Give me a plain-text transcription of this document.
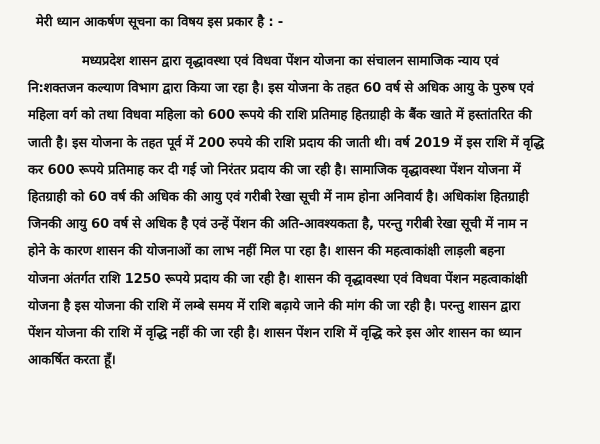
मेरी ध्यान आकर्षण सूचना का विषय इस प्रकार है : -
मध्यप्रदेश शासन द्वारा वृद्धावस्था एवं विधवा पेंशन योजना का संचालन सामाजिक न्याय एवं
नि:शक्तजन कल्याण विभाग द्वारा किया जा रहा है। इस योजना के तहत 60 वर्ष से अधिक आयु के पुरुष एवं
महिला वर्ग को तथा विधवा महिला को 600 रूपये की राशि प्रतिमाह हितग्राही के बैंक खाते में हस्तांतरित की
जाती है। इस योजना के तहत पूर्व में 200 रुपये की राशि प्रदाय की जाती थी। वर्ष 2019 में इस राशि में वृद्धि
कर 600 रूपये प्रतिमाह कर दी गई जो निरंतर प्रदाय की जा रही है। सामाजिक वृद्धावस्था पेंशन योजना में
हितग्राही को 60 वर्ष की अधिक की आयु एवं गरीबी रेखा सूची में नाम होना अनिवार्य है। अधिकांश हितग्राही
जिनकी आयु 60 वर्ष से अधिक है एवं उन्हें पेंशन की अति-आवश्यकता है, परन्तु गरीबी रेखा सूची में नाम न
होने के कारण शासन की योजनाओं का लाभ नहीं मिल पा रहा है। शासन की महत्वाकांक्षी लाड़ली बहना
योजना अंतर्गत राशि 1250 रूपये प्रदाय की जा रही है। शासन की वृद्धावस्था एवं विधवा पेंशन महत्वाकांक्षी
योजना है इस योजना की राशि में लम्बे समय में राशि बढ़ाये जाने की मांग की जा रही है। परन्तु शासन द्वारा
पेंशन योजना की राशि में वृद्धि नहीं की जा रही है। शासन पेंशन राशि में वृद्धि करे इस ओर शासन का ध्यान
आकर्षित करता हूँ।
